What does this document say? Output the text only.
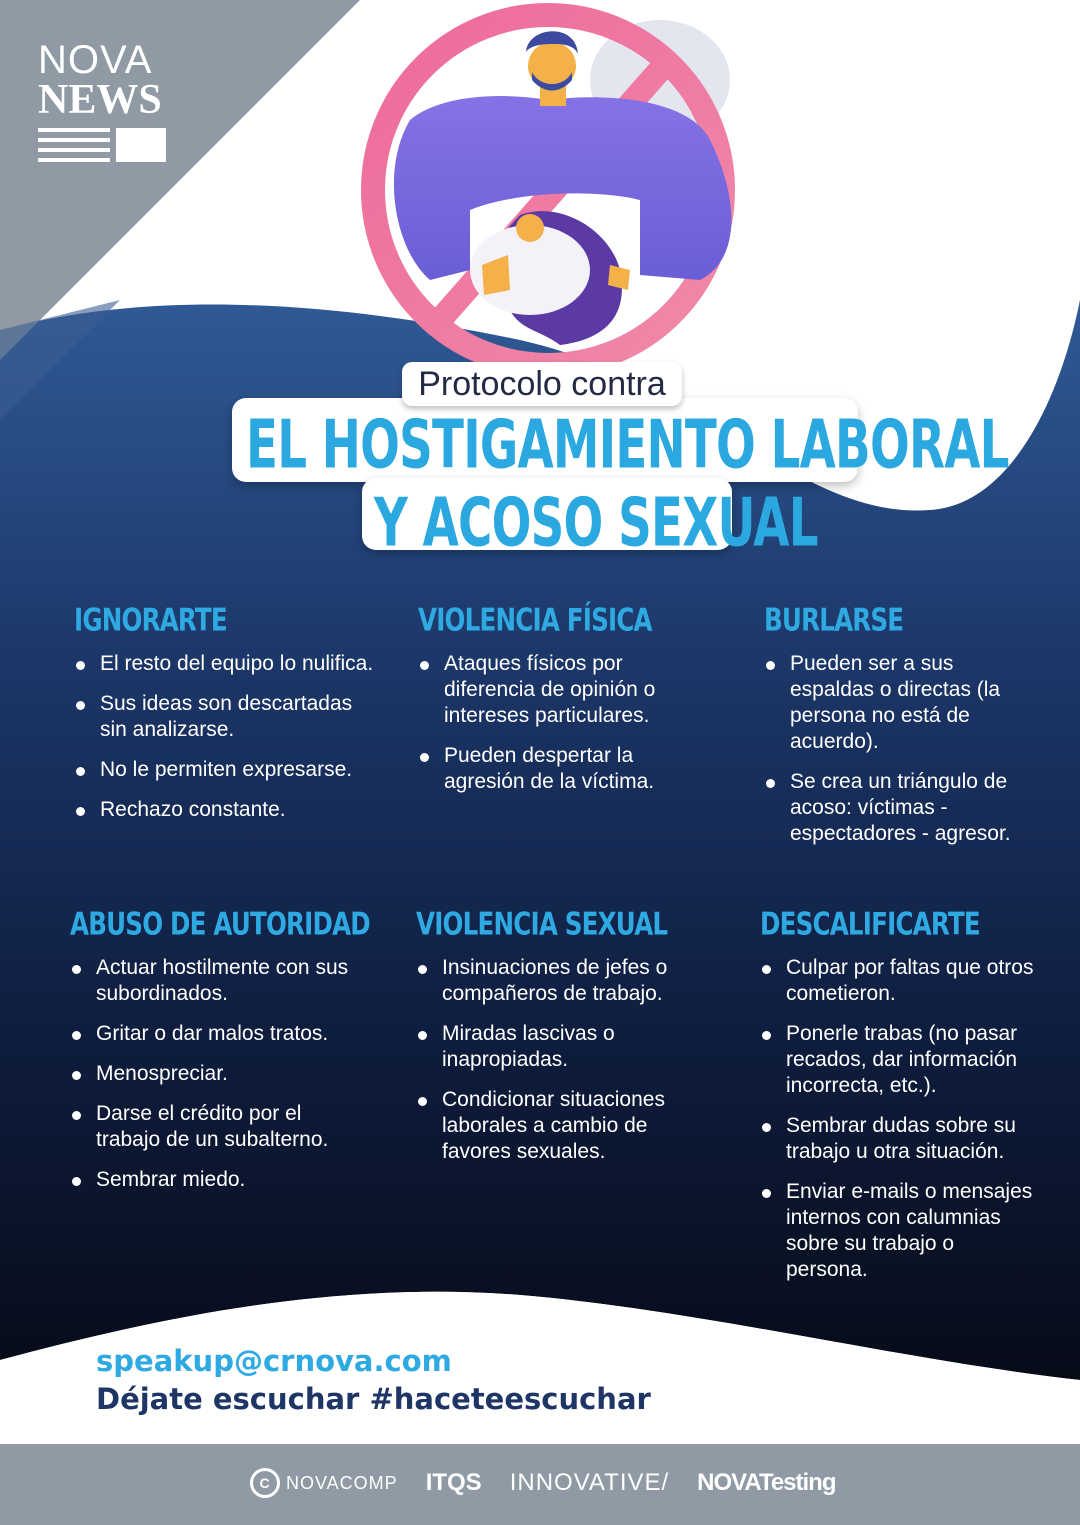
NOVA
NEWS
Protocolo contra
EL HOSTIGAMIENTO LABORAL
Y ACOSO SEXUAL
IGNORARTE
El resto del equipo lo nulifica.
Sus ideas son descartadas sin analizarse.
No le permiten expresarse.
Rechazo constante.
VIOLENCIA FÍSICA
Ataques físicos por diferencia de opinión o intereses particulares.
Pueden despertar la agresión de la víctima.
BURLARSE
Pueden ser a sus espaldas o directas (la persona no está de acuerdo).
Se crea un triángulo de acoso: víctimas - espectadores - agresor.
ABUSO DE AUTORIDAD
Actuar hostilmente con sus subordinados.
Gritar o dar malos tratos.
Menospreciar.
Darse el crédito por el trabajo de un subalterno.
Sembrar miedo.
VIOLENCIA SEXUAL
Insinuaciones de jefes o compañeros de trabajo.
Miradas lascivas o inapropiadas.
Condicionar situaciones laborales a cambio de favores sexuales.
DESCALIFICARTE
Culpar por faltas que otros cometieron.
Ponerle trabas (no pasar recados, dar información incorrecta, etc.).
Sembrar dudas sobre su trabajo u otra situación.
Enviar e-mails o mensajes internos con calumnias sobre su trabajo o persona.
speakup@crnova.com
Déjate escuchar #haceteescuchar
C NOVACOMP ITQS INNOVATIVE/ NOVATesting
